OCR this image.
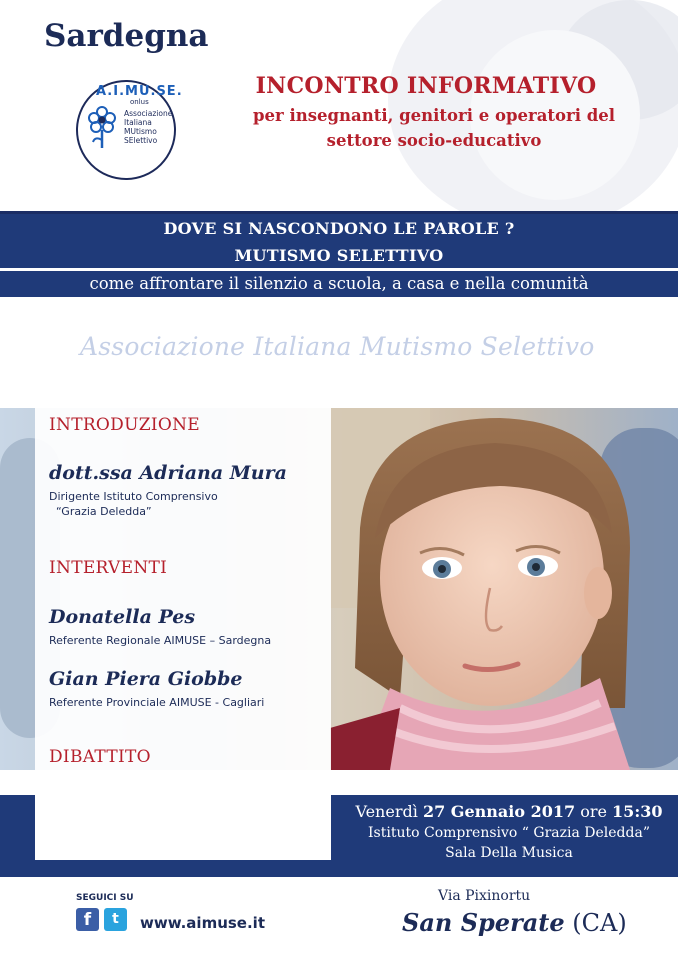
Sardegna
A.I.MU.SE.
onlus
Associazione
Italiana
MUtismo
SElettivo
INCONTRO INFORMATIVO
per insegnanti, genitori e operatori del
settore socio-educativo
DOVE SI NASCONDONO LE PAROLE ?
MUTISMO SELETTIVO
come affrontare il silenzio a scuola, a casa e nella comunità
Associazione Italiana Mutismo Selettivo
INTRODUZIONE
dott.ssa Adriana Mura
Dirigente Istituto Comprensivo
“Grazia Deledda”
INTERVENTI
Donatella Pes
Referente Regionale AIMUSE – Sardegna
Gian Piera Giobbe
Referente Provinciale AIMUSE - Cagliari
DIBATTITO
Venerdì 27 Gennaio 2017 ore 15:30
Istituto Comprensivo “ Grazia Deledda”
Sala Della Musica
SEGUICI SU
f	t	www.aimuse.it
Via Pixinortu
San Sperate (CA)
